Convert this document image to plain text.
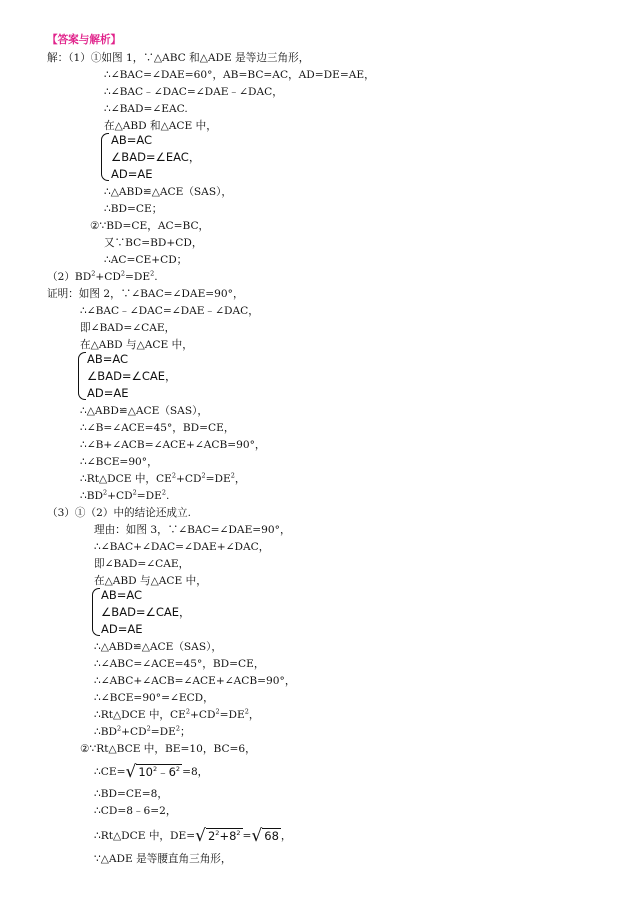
【答案与解析】
解：（1）①如图 1，∵△ABC 和△ADE 是等边三角形，
∴∠BAC=∠DAE=60°，AB=BC=AC，AD=DE=AE，
∴∠BAC﹣∠DAC=∠DAE﹣∠DAC，
∴∠BAD=∠EAC.
在△ABD 和△ACE 中，
AB=AC
∠BAD=∠EAC，
AD=AE
∴△ABD≌△ACE（SAS），
∴BD=CE；
②∵BD=CE，AC=BC，
又∵BC=BD+CD，
∴AC=CE+CD；
$(2)BD^2+CD^2=DE^2$.
证明：如图 2，∵∠BAC=∠DAE=90°，
∴∠BAC﹣∠DAC=∠DAE﹣∠DAC，
即∠BAD=∠CAE，
在△ABD 与△ACE 中，
AB=AC
∠BAD=∠CAE，
AD=AE
∴△ABD≌△ACE（SAS），
∴∠B=∠ACE=45°，BD=CE，
∴∠B+∠ACB=∠ACE+∠ACB=90°，
∴∠BCE=90°，
∴Rt△DCE 中，$CE^2+CD^2=DE^2$，
$\therefore BD^2+CD^2=DE^2$.
（3）①（2）中的结论还成立.
理由：如图 3，∵∠BAC=∠DAE=90°，
∴∠BAC+∠DAC=∠DAE+∠DAC，
即∠BAD=∠CAE，
在△ABD 与△ACE 中，
AB=AC
∠BAD=∠CAE，
AD=AE
∴△ABD≌△ACE（SAS），
∴∠ABC=∠ACE=45°，BD=CE，
∴∠ABC+∠ACB=∠ACE+∠ACB=90°，
∴∠BCE=90°=∠ECD，
∴Rt△DCE 中，$CE^2+CD^2=DE^2$，
$\therefore BD^2+CD^2=DE^2$；
②∵Rt△BCE 中，BE=10，BC=6，
∴CE=√ $10^2﹣6^2 =8$，
∴BD=CE=8，
∴CD=8﹣6=2，
∴Rt△DCE 中，DE=√ $2^2+8^2$ =√ 68 ，
∵△ADE 是等腰直角三角形，
